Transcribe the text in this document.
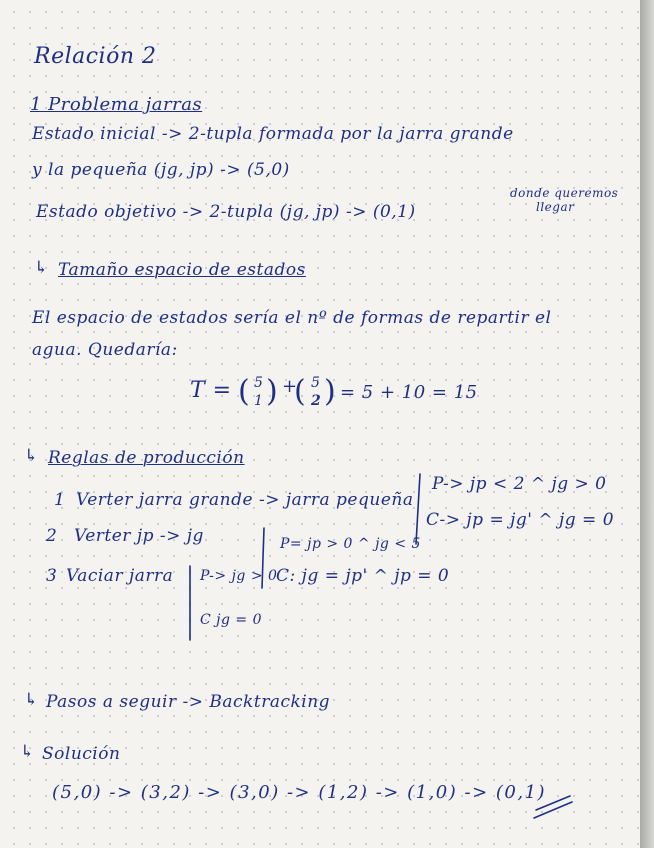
Relación 2
1 Problema jarras
Estado inicial -> 2-tupla formada por la jarra grande
y la pequeña (jg, jp) -> (5,0)
Estado objetivo -> 2-tupla (jg, jp) -> (0,1)
donde queremos
llegar
↳ Tamaño espacio de estados
El espacio de estados sería el nº de formas de repartir el
agua. Quedaría:
T = ( 5
1 ) +
( 5
2 ) = 5 + 10 = 15
↳ Reglas de producción
1 Verter jarra grande -> jarra pequeña
2 Verter jp -> jg
3 Vaciar jarra
P-> jp < 2 ^ jg > 0
C-> jp = jg' ^ jg = 0
P= jp > 0 ^ jg < 5
C: jg = jp' ^ jp = 0
P-> jg > 0
C jg = 0
↳ Pasos a seguir -> Backtracking
↳ Solución
(5,0) -> (3,2) -> (3,0) -> (1,2) -> (1,0) -> (0,1)
